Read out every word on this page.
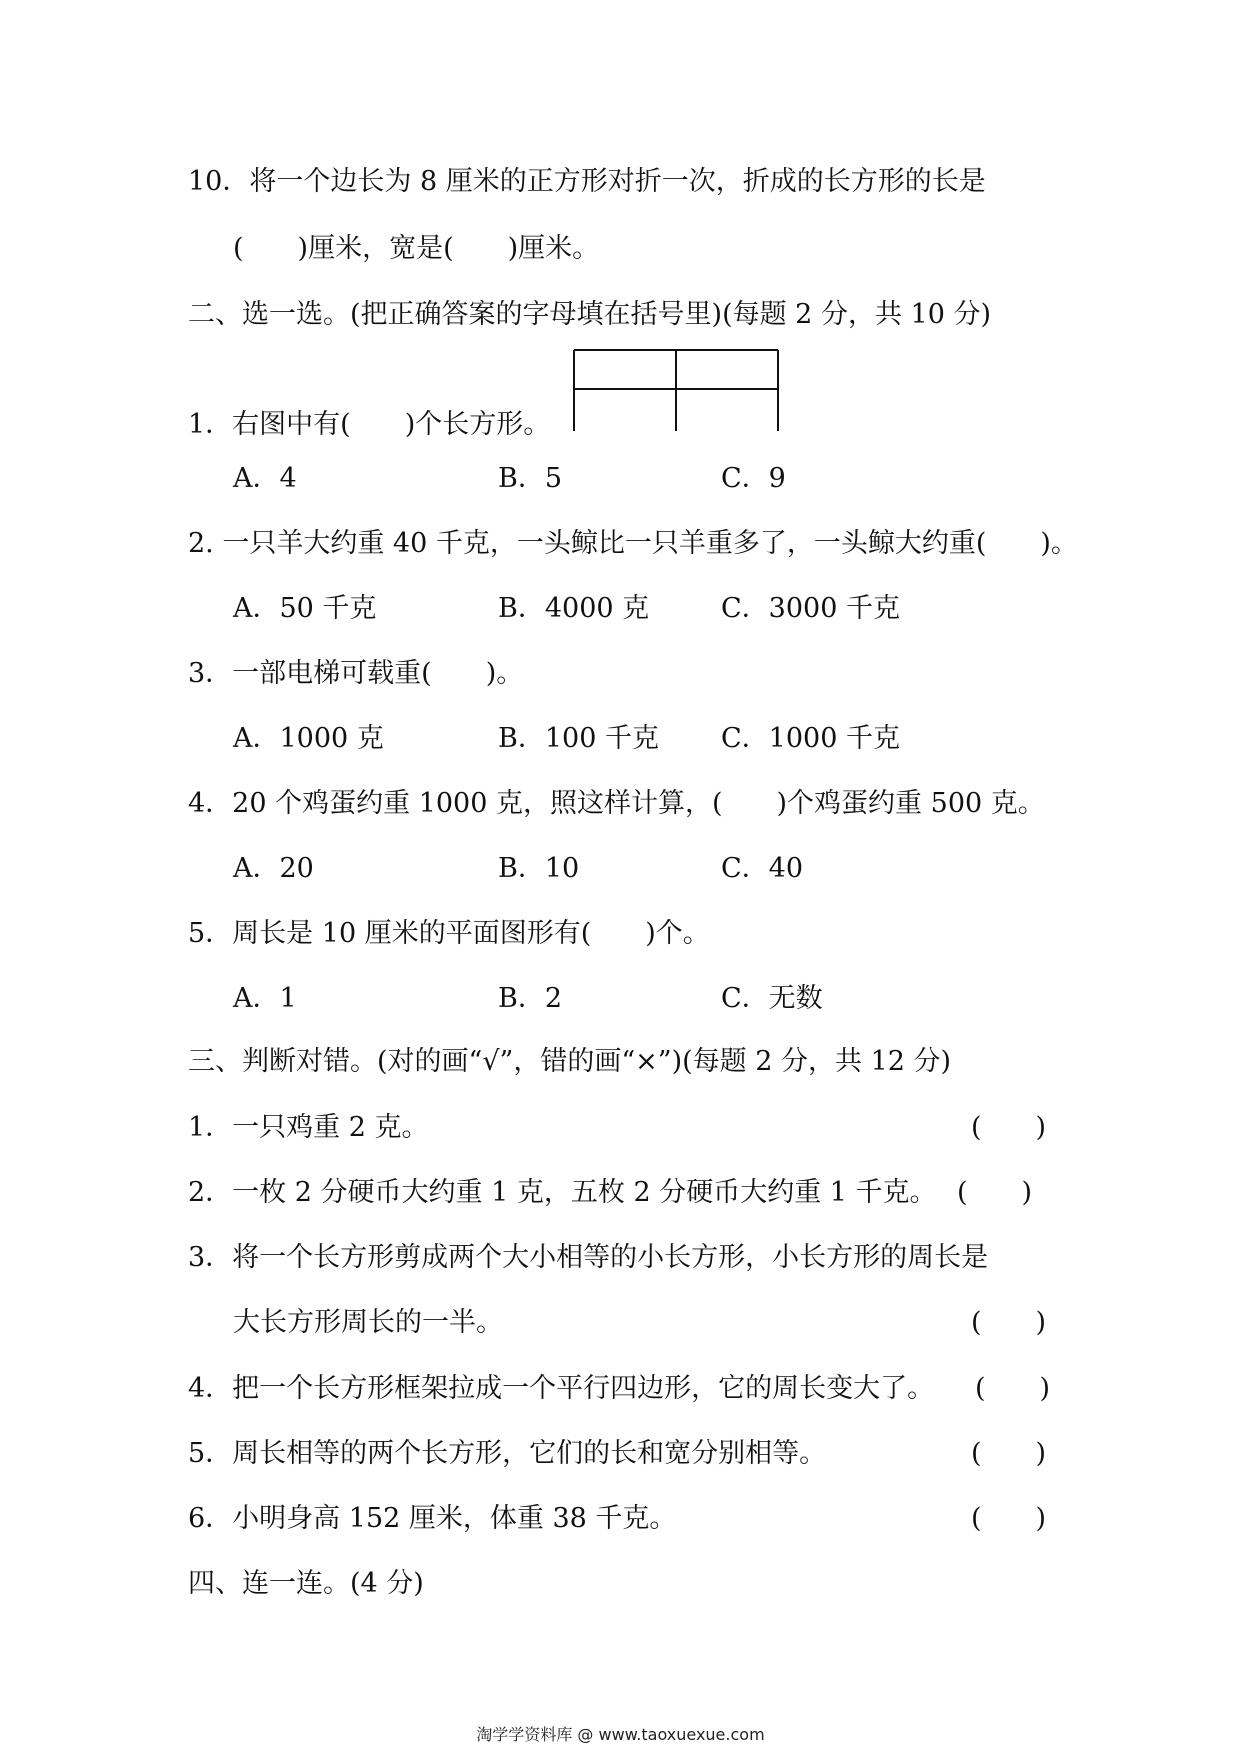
10．将一个边长为 8 厘米的正方形对折一次，折成的长方形的长是
(　　)厘米，宽是(　　)厘米。
二、选一选。(把正确答案的字母填在括号里)(每题 2 分，共 10 分)
1．右图中有(　　)个长方形。
A．4	B．5	C．9
2. 一只羊大约重 40 千克，一头鲸比一只羊重多了，一头鲸大约重(　　)。
A．50 千克	B．4000 克	C．3000 千克
3．一部电梯可载重(　　)。
A．1000 克	B．100 千克 C．1000 千克
4．20 个鸡蛋约重 1000 克，照这样计算，(　　)个鸡蛋约重 500 克。
A．20	B．10	C．40
5．周长是 10 厘米的平面图形有(　　)个。
A．1	B．2	C．无数
三、判断对错。(对的画“√”，错的画“×”)(每题 2 分，共 12 分)
1．一只鸡重 2 克。	(　　)
2．一枚 2 分硬币大约重 1 克，五枚 2 分硬币大约重 1 千克。 (　　)
3．将一个长方形剪成两个大小相等的小长方形，小长方形的周长是
大长方形周长的一半。	(　　)
4．把一个长方形框架拉成一个平行四边形，它的周长变大了。 (　　)
5．周长相等的两个长方形，它们的长和宽分别相等。	(　　)
6．小明身高 152 厘米，体重 38 千克。	(　　)
四、连一连。(4 分)
淘学学资料库 @ www.taoxuexue.com
